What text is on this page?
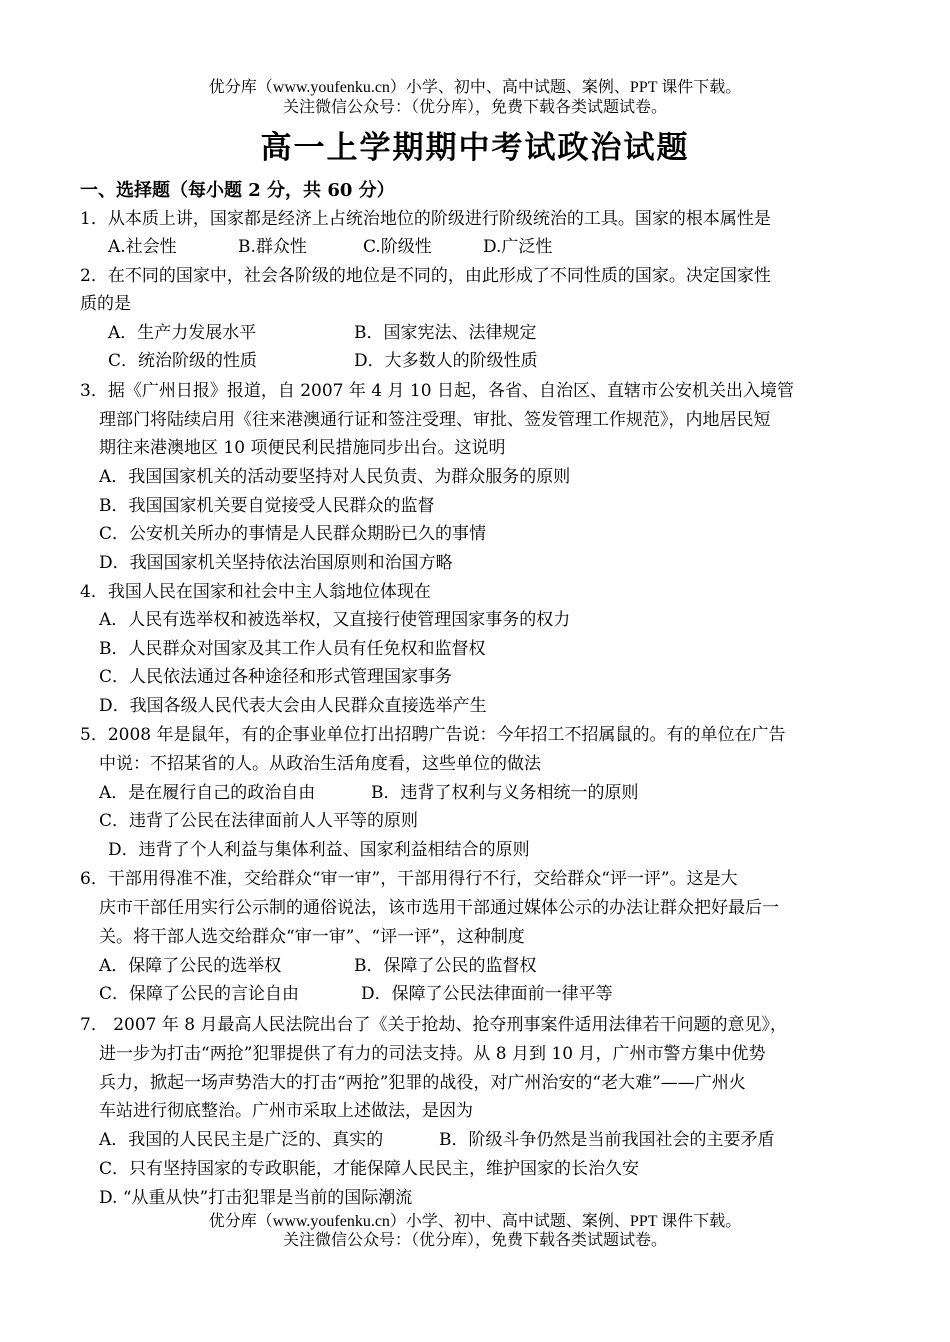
优分库（www.youfenku.cn）小学、初中、高中试题、案例、PPT 课件下载。
关注微信公众号：（优分库），免费下载各类试题试卷。
高一上学期期中考试政治试题
一、选择题（每小题 2 分，共 60 分）
1．从本质上讲，国家都是经济上占统治地位的阶级进行阶级统治的工具。国家的根本属性是
A.社会性	B.群众性	C.阶级性	D.广泛性
2．在不同的国家中，社会各阶级的地位是不同的，由此形成了不同性质的国家。决定国家性
质的是
A．生产力发展水平	B．国家宪法、法律规定
C．统治阶级的性质	D．大多数人的阶级性质
3．据《广州日报》报道，自 2007 年 4 月 10 日起，各省、自治区、直辖市公安机关出入境管
理部门将陆续启用《往来港澳通行证和签注受理、审批、签发管理工作规范》，内地居民短
期往来港澳地区 10 项便民利民措施同步出台。这说明
A．我国国家机关的活动要坚持对人民负责、为群众服务的原则
B．我国国家机关要自觉接受人民群众的监督
C．公安机关所办的事情是人民群众期盼已久的事情
D．我国国家机关坚持依法治国原则和治国方略
4．我国人民在国家和社会中主人翁地位体现在
A．人民有选举权和被选举权，又直接行使管理国家事务的权力
B．人民群众对国家及其工作人员有任免权和监督权
C．人民依法通过各种途径和形式管理国家事务
D．我国各级人民代表大会由人民群众直接选举产生
5．2008 年是鼠年，有的企事业单位打出招聘广告说：今年招工不招属鼠的。有的单位在广告
中说：不招某省的人。从政治生活角度看，这些单位的做法
A．是在履行自己的政治自由	B．违背了权利与义务相统一的原则
C．违背了公民在法律面前人人平等的原则
D．违背了个人利益与集体利益、国家利益相结合的原则
6．干部用得准不准，交给群众“审一审”，干部用得行不行，交给群众“评一评”。这是大
庆市干部任用实行公示制的通俗说法，该市选用干部通过媒体公示的办法让群众把好最后一
关。将干部人选交给群众“审一审”、“评一评”，这种制度
A．保障了公民的选举权	B．保障了公民的监督权
C．保障了公民的言论自由	D．保障了公民法律面前一律平等
7． 2007 年 8 月最高人民法院出台了《关于抢劫、抢夺刑事案件适用法律若干问题的意见》，
进一步为打击“两抢”犯罪提供了有力的司法支持。从 8 月到 10 月，广州市警方集中优势
兵力，掀起一场声势浩大的打击“两抢”犯罪的战役，对广州治安的“老大难”——广州火
车站进行彻底整治。广州市采取上述做法，是因为
A．我国的人民民主是广泛的、真实的	B．阶级斗争仍然是当前我国社会的主要矛盾
C．只有坚持国家的专政职能，才能保障人民民主，维护国家的长治久安
D. “从重从快”打击犯罪是当前的国际潮流
优分库（www.youfenku.cn）小学、初中、高中试题、案例、PPT 课件下载。
关注微信公众号：（优分库），免费下载各类试题试卷。
